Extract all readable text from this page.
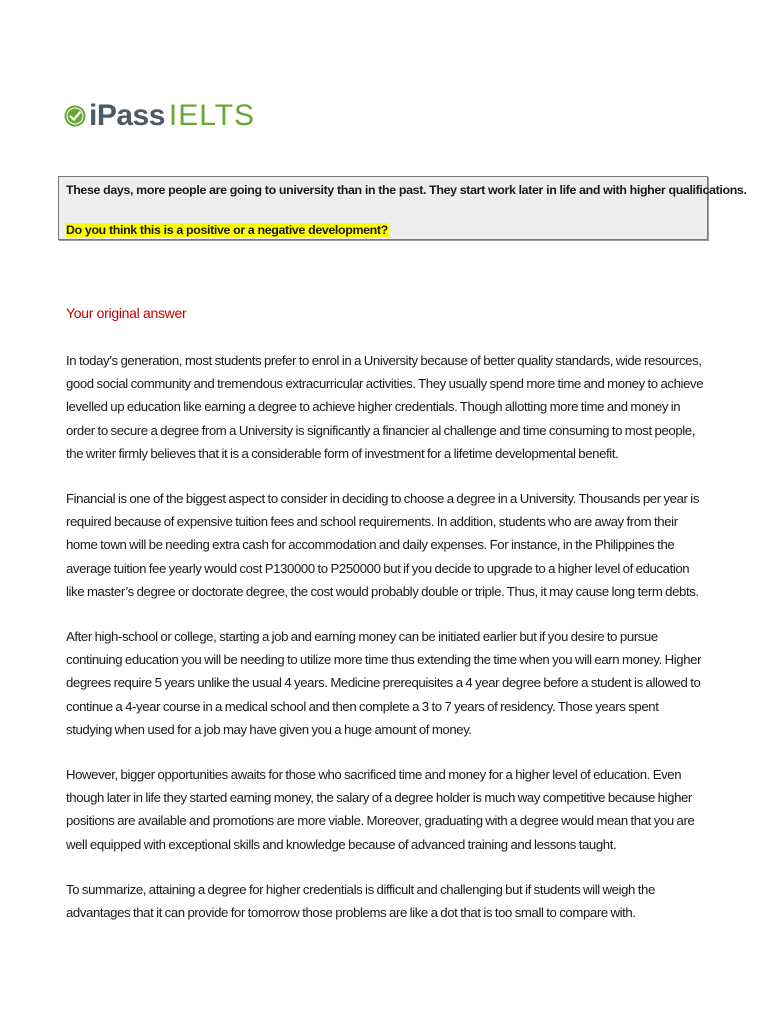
iPass IELTS
These days, more people are going to university than in the past. They start work later in life and with higher qualifications.
Do you think this is a positive or a negative development?
Your original answer

In today’s generation, most students prefer to enrol in a University because of better quality standards, wide resources, good social community and tremendous extracurricular activities. They usually spend more time and money to achieve levelled up education like earning a degree to achieve higher credentials. Though allotting more time and money in order to secure a degree from a University is significantly a financier al challenge and time consuming to most people, the writer firmly believes that it is a considerable form of investment for a lifetime developmental benefit.

Financial is one of the biggest aspect to consider in deciding to choose a degree in a University. Thousands per year is required because of expensive tuition fees and school requirements. In addition, students who are away from their home town will be needing extra cash for accommodation and daily expenses. For instance, in the Philippines the average tuition fee yearly would cost P130000 to P250000 but if you decide to upgrade to a higher level of education like master’s degree or doctorate degree, the cost would probably double or triple. Thus, it may cause long term debts.

After high-school or college, starting a job and earning money can be initiated earlier but if you desire to pursue continuing education you will be needing to utilize more time thus extending the time when you will earn money. Higher degrees require 5 years unlike the usual 4 years. Medicine prerequisites a 4 year degree before a student is allowed to continue a 4-year course in a medical school and then complete a 3 to 7 years of residency. Those years spent studying when used for a job may have given you a huge amount of money.

However, bigger opportunities awaits for those who sacrificed time and money for a higher level of education. Even though later in life they started earning money, the salary of a degree holder is much way competitive because higher positions are available and promotions are more viable. Moreover, graduating with a degree would mean that you are well equipped with exceptional skills and knowledge because of advanced training and lessons taught.

To summarize, attaining a degree for higher credentials is difficult and challenging but if students will weigh the advantages that it can provide for tomorrow those problems are like a dot that is too small to compare with.
